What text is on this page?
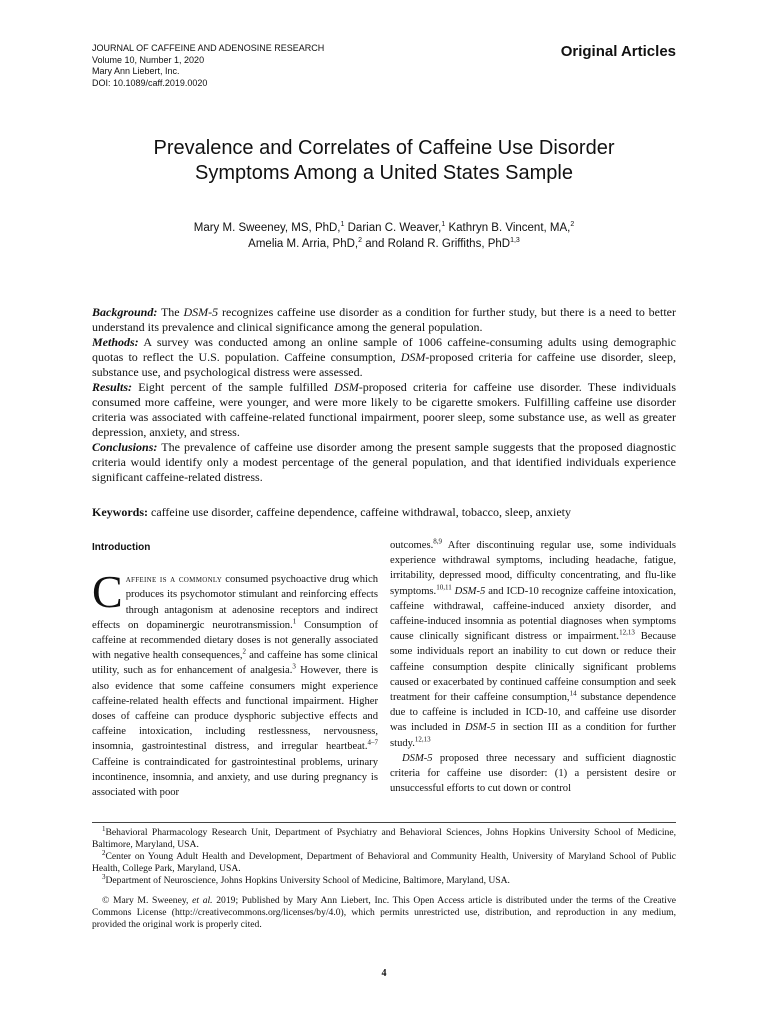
JOURNAL OF CAFFEINE AND ADENOSINE RESEARCH
Volume 10, Number 1, 2020
Mary Ann Liebert, Inc.
DOI: 10.1089/caff.2019.0020
Original Articles
Prevalence and Correlates of Caffeine Use Disorder
Symptoms Among a United States Sample
Mary M. Sweeney, MS, PhD,$^1$ Darian C. Weaver,$^1$ Kathryn B. Vincent, MA,$^2$
Amelia M. Arria, PhD,$^2$ and Roland R. Griffiths, PhD$^{1,3}$

Background: The DSM-5 recognizes caffeine use disorder as a condition for further study, but there is a need to better understand its prevalence and clinical significance among the general population.

Methods: A survey was conducted among an online sample of 1006 caffeine-consuming adults using demographic quotas to reflect the U.S. population. Caffeine consumption, DSM-proposed criteria for caffeine use disorder, sleep, substance use, and psychological distress were assessed.

Results: Eight percent of the sample fulfilled DSM-proposed criteria for caffeine use disorder. These individuals consumed more caffeine, were younger, and were more likely to be cigarette smokers. Fulfilling caffeine use disorder criteria was associated with caffeine-related functional impairment, poorer sleep, some substance use, as well as greater depression, anxiety, and stress.

Conclusions: The prevalence of caffeine use disorder among the present sample suggests that the proposed diagnostic criteria would identify only a modest percentage of the general population, and that identified individuals experience significant caffeine-related distress.

Keywords: caffeine use disorder, caffeine dependence, caffeine withdrawal, tobacco, sleep, anxiety
Introduction

Caffeine is a commonly consumed psychoactive drug which produces its psychomotor stimulant and reinforcing effects through antagonism at adenosine receptors and indirect effects on dopaminergic neurotransmission.$^1$ Consumption of caffeine at recommended dietary doses is not generally associated with negative health consequences,$^2$ and caffeine has some clinical utility, such as for enhancement of analgesia.$^3$ However, there is also evidence that some caffeine consumers might experience caffeine-related health effects and functional impairment. Higher doses of caffeine can produce dysphoric subjective effects and caffeine intoxication, including restlessness, nervousness, insomnia, gastrointestinal distress, and irregular heartbeat.$^{4-7}$ Caffeine is contraindicated for gastrointestinal problems, urinary incontinence, insomnia, and anxiety, and use during pregnancy is associated with poor

outcomes.$^{8,9}$ After discontinuing regular use, some individuals experience withdrawal symptoms, including headache, fatigue, irritability, depressed mood, difficulty concentrating, and flu-like symptoms.$^{10,11}$ DSM-5 and ICD-10 recognize caffeine intoxication, caffeine withdrawal, caffeine-induced anxiety disorder, and caffeine-induced insomnia as potential diagnoses when symptoms cause clinically significant distress or impairment.$^{12,13}$ Because some individuals report an inability to cut down or reduce their caffeine consumption despite clinically significant problems caused or exacerbated by continued caffeine consumption and seek treatment for their caffeine consumption,$^{14}$ substance dependence due to caffeine is included in ICD-10, and caffeine use disorder was included in DSM-5 in section III as a condition for further study.$^{12,13}$

DSM-5 proposed three necessary and sufficient diagnostic criteria for caffeine use disorder: (1) a persistent desire or unsuccessful efforts to cut down or control

$^1$Behavioral Pharmacology Research Unit, Department of Psychiatry and Behavioral Sciences, Johns Hopkins University School of Medicine, Baltimore, Maryland, USA.

$^2$Center on Young Adult Health and Development, Department of Behavioral and Community Health, University of Maryland School of Public Health, College Park, Maryland, USA.

$^3$Department of Neuroscience, Johns Hopkins University School of Medicine, Baltimore, Maryland, USA.

© Mary M. Sweeney, et al. 2019; Published by Mary Ann Liebert, Inc. This Open Access article is distributed under the terms of the Creative Commons License (http://creativecommons.org/licenses/by/4.0), which permits unrestricted use, distribution, and reproduction in any medium, provided the original work is properly cited.
4
